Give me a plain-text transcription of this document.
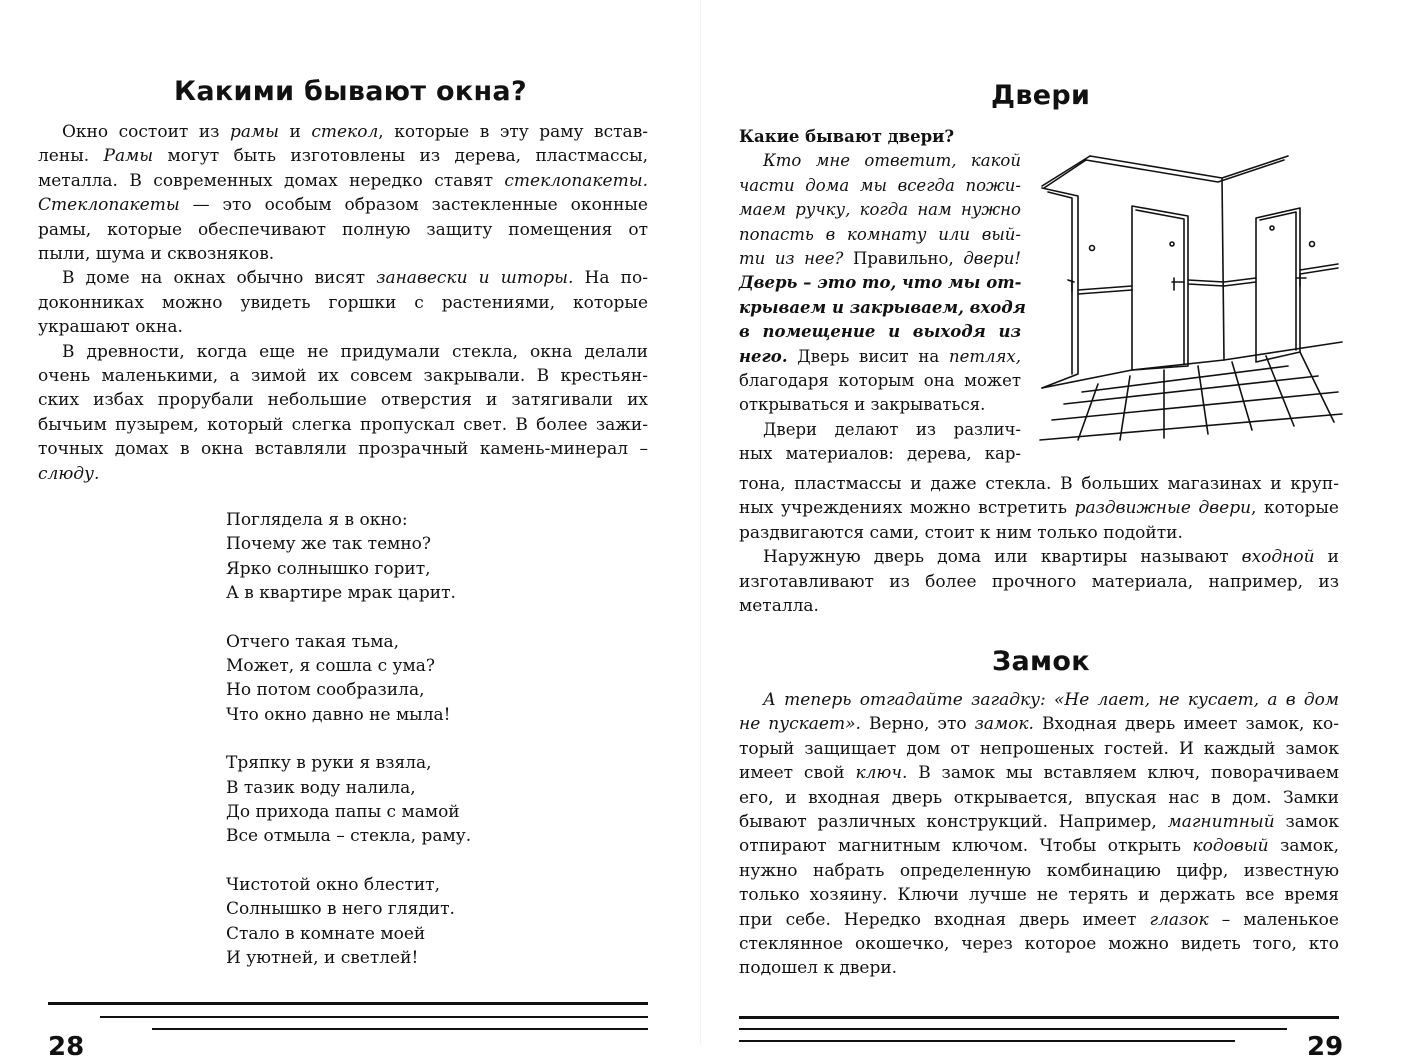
Какими бывают окна?
Окно состоит из рамы и стекол, которые в эту раму встав-
лены. Рамы могут быть изготовлены из дерева, пластмассы,
металла. В современных домах нередко ставят стеклопакеты.
Стеклопакеты — это особым образом застекленные оконные
рамы, которые обеспечивают полную защиту помещения от
пыли, шума и сквозняков.
В доме на окнах обычно висят занавески и шторы. На по-
доконниках можно увидеть горшки с растениями, которые
украшают окна.
В древности, когда еще не придумали стекла, окна делали
очень маленькими, а зимой их совсем закрывали. В крестьян-
ских избах прорубали небольшие отверстия и затягивали их
бычьим пузырем, который слегка пропускал свет. В более зажи-
точных домах в окна вставляли прозрачный камень-минерал –
слюду.
Поглядела я в окно:
Почему же так темно?
Ярко солнышко горит,
А в квартире мрак царит.
Отчего такая тьма,
Может, я сошла с ума?
Но потом сообразила,
Что окно давно не мыла!
Тряпку в руки я взяла,
В тазик воду налила,
До прихода папы с мамой
Все отмыла – стекла, раму.
Чистотой окно блестит,
Солнышко в него глядит.
Стало в комнате моей
И уютней, и светлей!
28
Двери
Какие бывают двери?
Кто мне ответит, какой
части дома мы всегда пожи-
маем ручку, когда нам нужно
попасть в комнату или вый-
ти из нее? Правильно, двери!
Дверь – это то, что мы от-
крываем и закрываем, входя
в помещение и выходя из
него. Дверь висит на петлях,
благодаря которым она может
открываться и закрываться.
Двери делают из различ-
ных материалов: дерева, кар-
тона, пластмассы и даже стекла. В больших магазинах и круп-
ных учреждениях можно встретить раздвижные двери, которые
раздвигаются сами, стоит к ним только подойти.
Наружную дверь дома или квартиры называют входной и
изготавливают из более прочного материала, например, из
металла.
Замок
А теперь отгадайте загадку: «Не лает, не кусает, а в дом
не пускает». Верно, это замок. Входная дверь имеет замок, ко-
торый защищает дом от непрошеных гостей. И каждый замок
имеет свой ключ. В замок мы вставляем ключ, поворачиваем
его, и входная дверь открывается, впуская нас в дом. Замки
бывают различных конструкций. Например, магнитный замок
отпирают магнитным ключом. Чтобы открыть кодовый замок,
нужно набрать определенную комбинацию цифр, известную
только хозяину. Ключи лучше не терять и держать все время
при себе. Нередко входная дверь имеет глазок – маленькое
стеклянное окошечко, через которое можно видеть того, кто
подошел к двери.
29
